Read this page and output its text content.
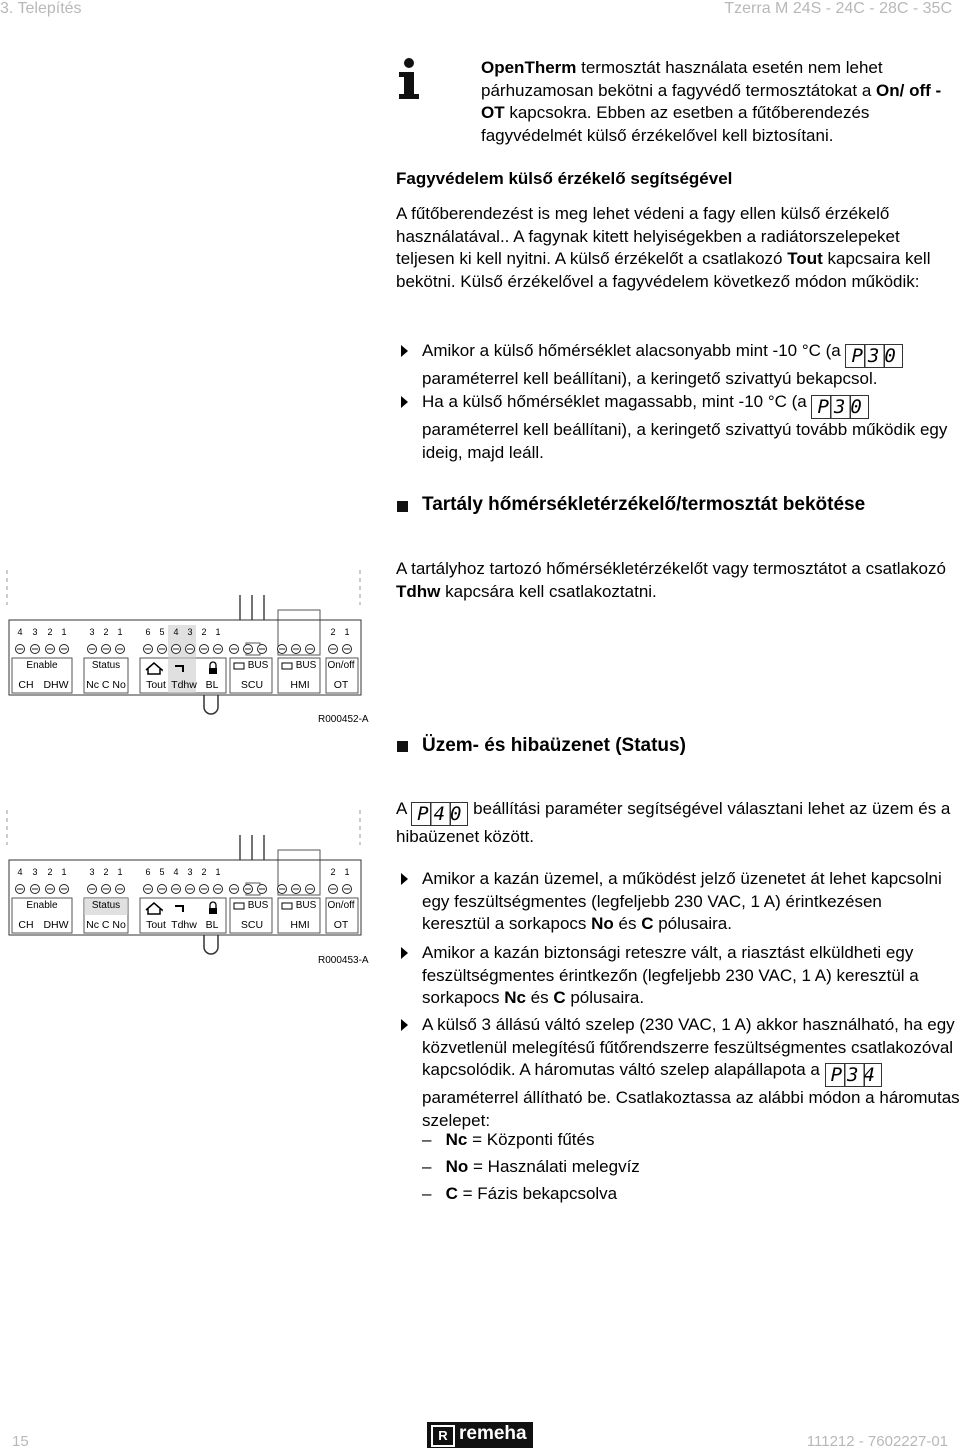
3. Telepítés	Tzerra M 24S - 24C - 28C - 35C
OpenTherm termosztát használata esetén nem lehet párhuzamosan bekötni a fagyvédő termosztátokat a On/ off - OT kapcsokra. Ebben az esetben a fűtőberendezés fagyvédelmét külső érzékelővel kell biztosítani.
Fagyvédelem külső érzékelő segítségével
A fűtőberendezést is meg lehet védeni a fagy ellen külső érzékelő használatával.. A fagynak kitett helyiségekben a radiátorszelepeket teljesen ki kell nyitni. A külső érzékelőt a csatlakozó Tout kapcsaira kell bekötni. Külső érzékelővel a fagyvédelem következő módon működik:
Amikor a külső hőmérséklet alacsonyabb mint -10 °C (a P30
paraméterrel kell beállítani), a keringető szivattyú bekapcsol.
Ha a külső hőmérséklet magassabb, mint -10 °C (a P30
paraméterrel kell beállítani), a keringető szivattyú tovább működik egy ideig, majd leáll.
Tartály hőmérsékletérzékelő/termosztát bekötése
A tartályhoz tartozó hőmérsékletérzékelőt vagy termosztátot a csatlakozó Tdhw kapcsára kell csatlakoztatni.
4 3 2 1	3 2 1	6 5 4 3 2 1	2 1
Enable	Status	BUS	BUS On/off
CH DHW Nc C No Tout Tdhw BL SCU	HMI OT
R000452-A
Üzem- és hibaüzenet (Status)
A P40 beállítási paraméter segítségével választani lehet az üzem és a hibaüzenet között.
4 3 2 1	3 2 1	6 5 4 3 2 1	2 1
Enable	Status	BUS	BUS On/off
CH DHW Nc C No Tout Tdhw BL SCU	HMI OT
R000453-A
Amikor a kazán üzemel, a működést jelző üzenetet át lehet kapcsolni egy feszültségmentes (legfeljebb 230 VAC, 1 A) érintkezésen keresztül a sorkapocs No és C pólusaira.
Amikor a kazán biztonsági reteszre vált, a riasztást elküldheti egy feszültségmentes érintkezőn (legfeljebb 230 VAC, 1 A) keresztül a sorkapocs Nc és C pólusaira.
A külső 3 állású váltó szelep (230 VAC, 1 A) akkor használható, ha egy közvetlenül melegítésű fűtőrendszerre feszültségmentes csatlakozóval kapcsolódik. A háromutas váltó szelep alapállapota a P34 paraméterrel állítható be. Csatlakoztassa az alábbi módon a háromutas szelepet:
–   Nc = Központi fűtés
–   No = Használati melegvíz
–   C = Fázis bekapcsolva
15	R remeha	111212 - 7602227-01
